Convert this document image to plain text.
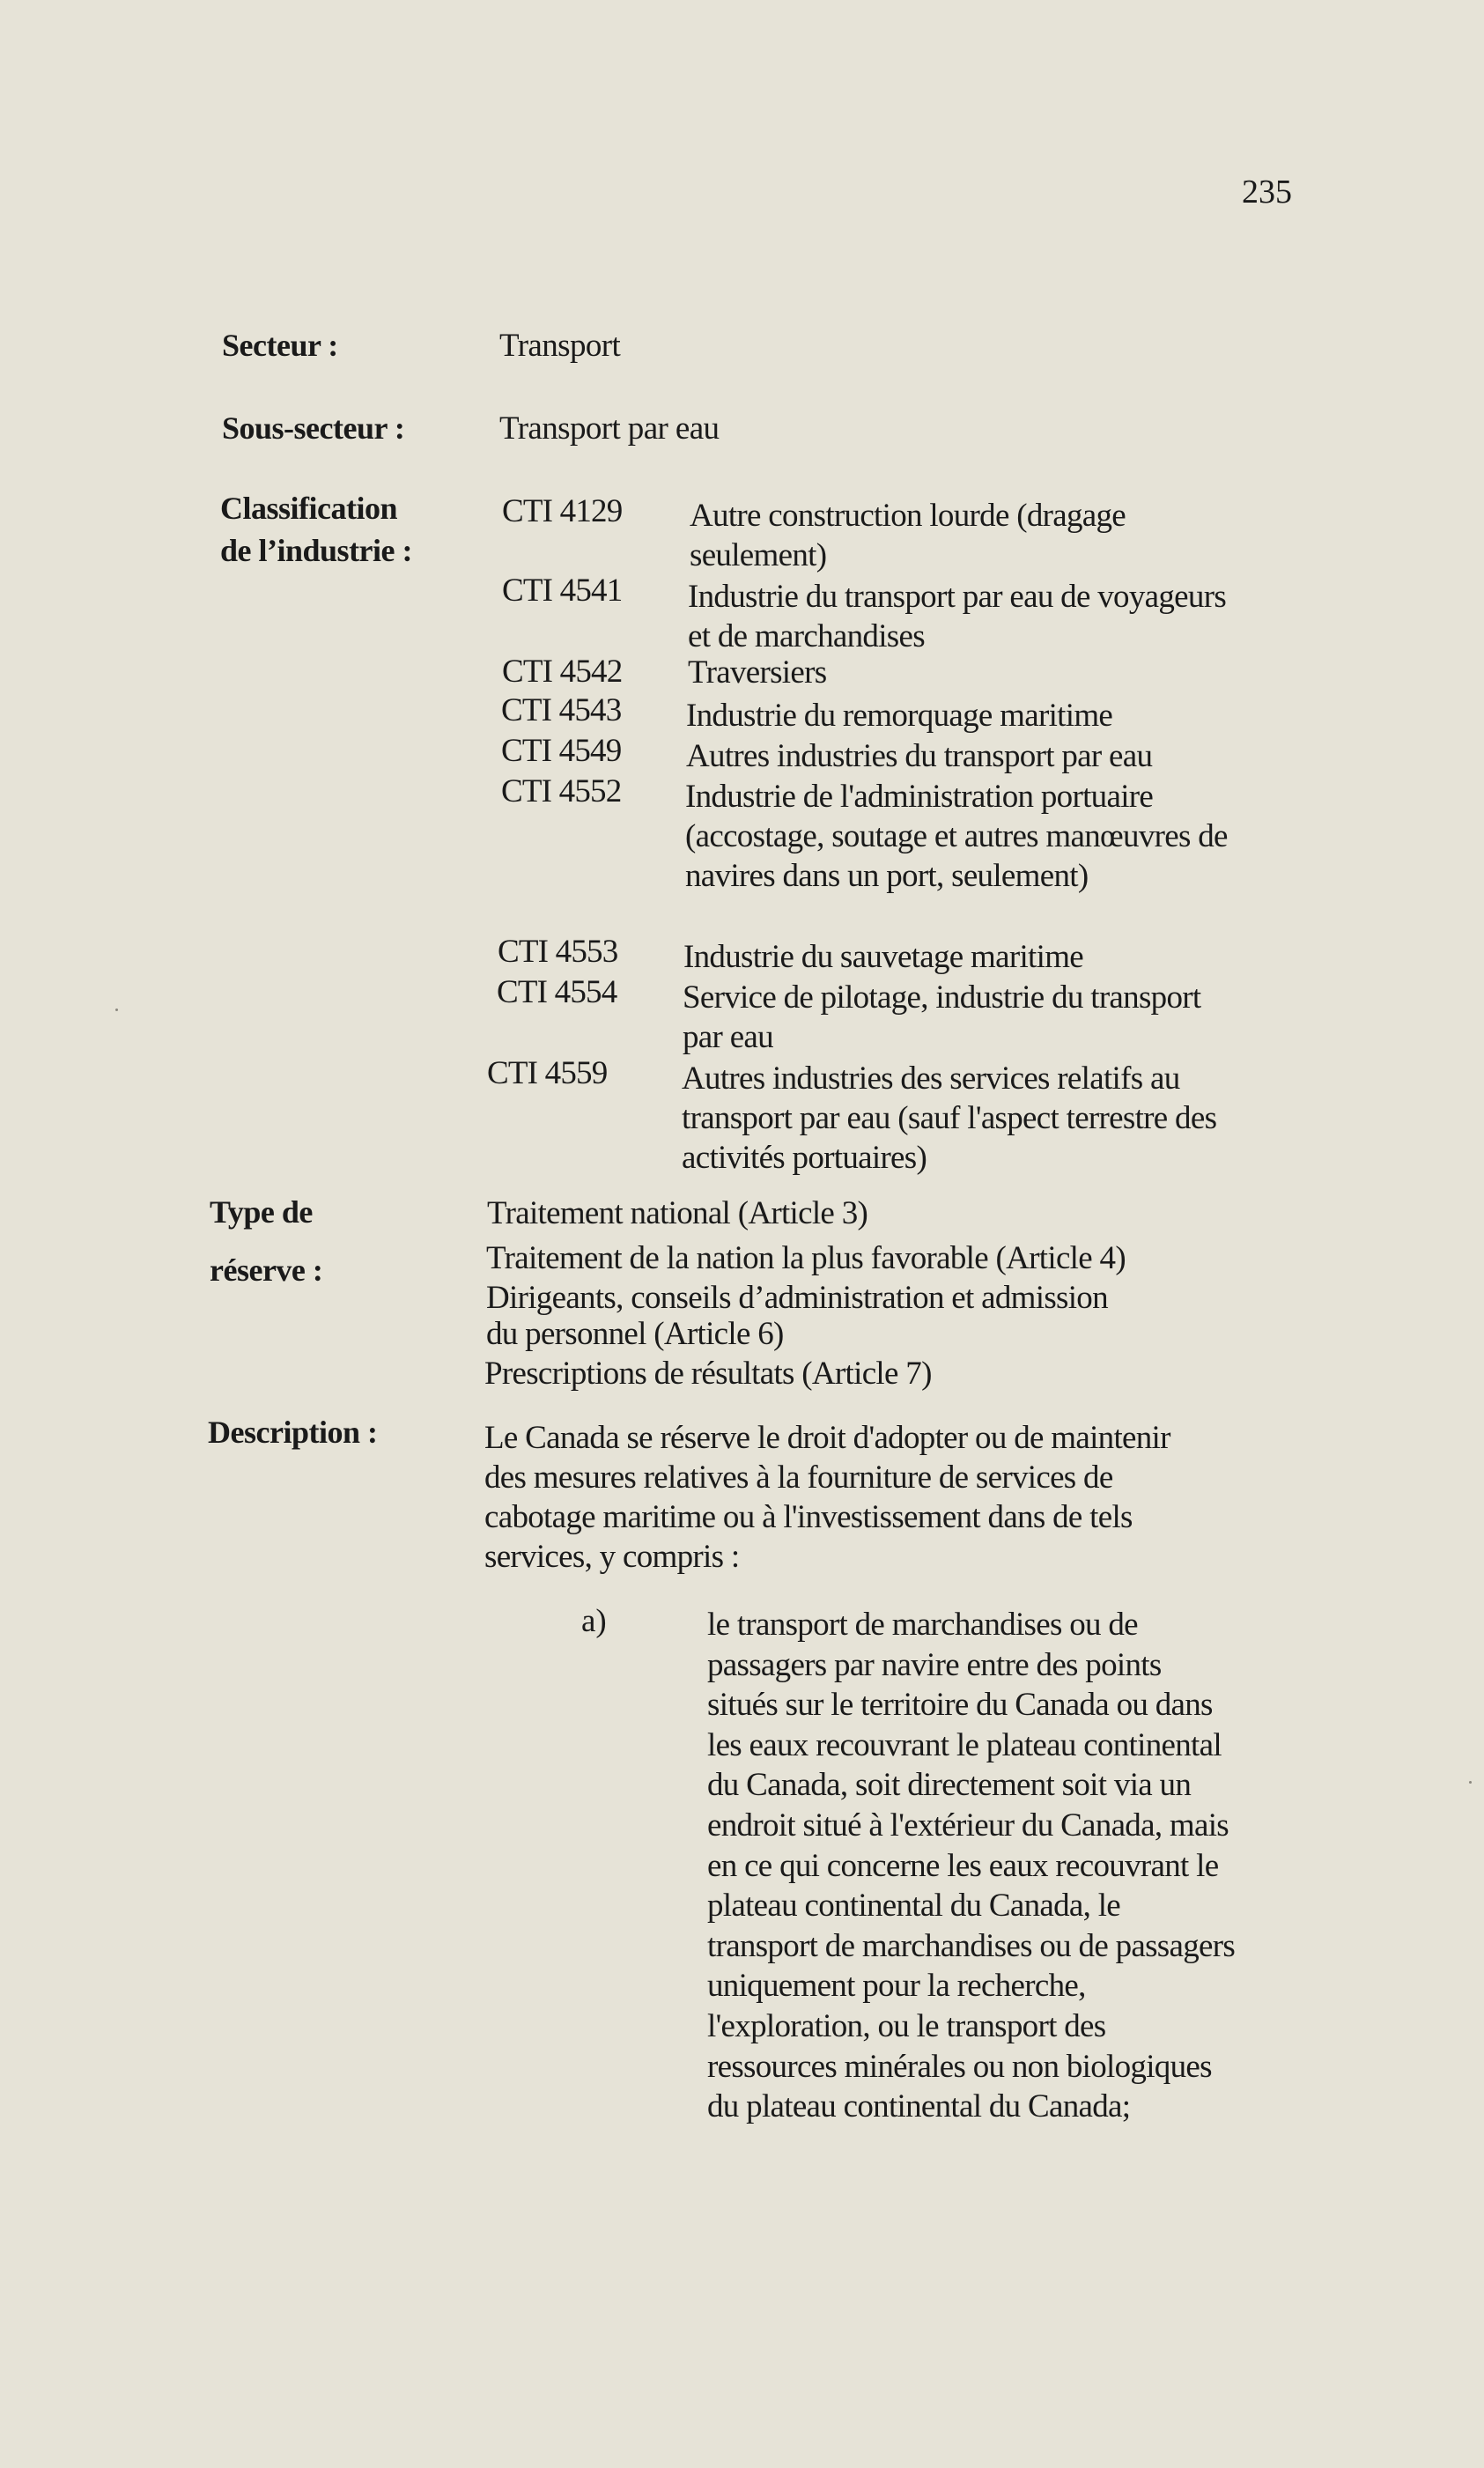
235
Secteur :	Transport
Sous-secteur :	Transport par eau
Classification
de l’industrie :
CTI 4129 Autre construction lourde (dragage seulement)
CTI 4541 Industrie du transport par eau de voyageurs et de marchandises
CTI 4542 Traversiers
CTI 4543 Industrie du remorquage maritime
CTI 4549 Autres industries du transport par eau
CTI 4552 Industrie de l'administration portuaire (accostage, soutage et autres manœuvres de navires dans un port, seulement)
CTI 4553 Industrie du sauvetage maritime
CTI 4554 Service de pilotage, industrie du transport par eau
CTI 4559 Autres industries des services relatifs au transport par eau (sauf l'aspect terrestre des activités portuaires)
Type de
réserve :
Traitement national (Article 3)
Traitement de la nation la plus favorable (Article 4)
Dirigeants, conseils d’administration et admission
du personnel (Article 6)
Prescriptions de résultats (Article 7)
Description :	Le Canada se réserve le droit d'adopter ou de maintenir des mesures relatives à la fourniture de services de cabotage maritime ou à l'investissement dans de tels services, y compris :
a)	le transport de marchandises ou de passagers par navire entre des points situés sur le territoire du Canada ou dans les eaux recouvrant le plateau continental du Canada, soit directement soit via un endroit situé à l'extérieur du Canada, mais en ce qui concerne les eaux recouvrant le plateau continental du Canada, le transport de marchandises ou de passagers uniquement pour la recherche, l'exploration, ou le transport des ressources minérales ou non biologiques du plateau continental du Canada;
